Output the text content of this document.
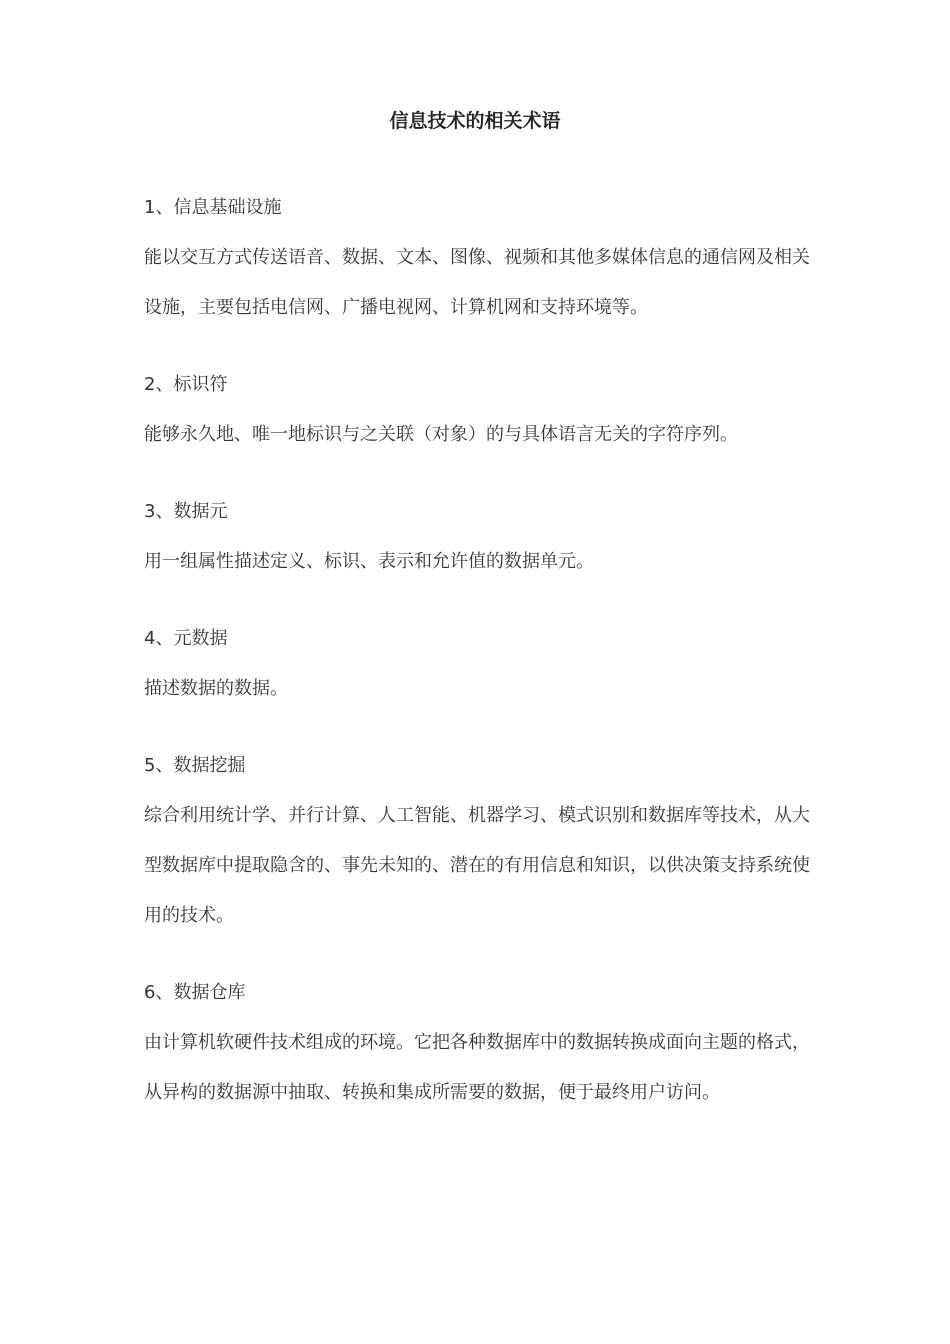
信息技术的相关术语
1、信息基础设施
能以交互方式传送语音、数据、文本、图像、视频和其他多媒体信息的通信网及相关设施，主要包括电信网、广播电视网、计算机网和支持环境等。
2、标识符
能够永久地、唯一地标识与之关联（对象）的与具体语言无关的字符序列。
3、数据元
用一组属性描述定义、标识、表示和允许值的数据单元。
4、元数据
描述数据的数据。
5、数据挖掘
综合利用统计学、并行计算、人工智能、机器学习、模式识别和数据库等技术，从大型数据库中提取隐含的、事先未知的、潜在的有用信息和知识，以供决策支持系统使用的技术。
6、数据仓库
由计算机软硬件技术组成的环境。它把各种数据库中的数据转换成面向主题的格式，从异构的数据源中抽取、转换和集成所需要的数据，便于最终用户访问。
